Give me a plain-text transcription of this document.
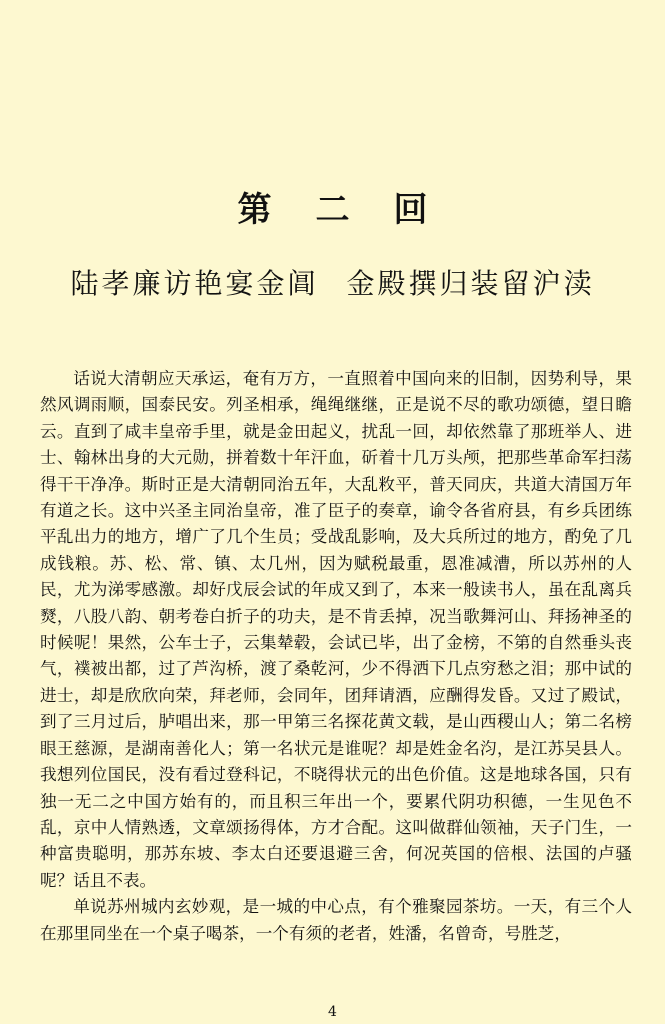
第二回
陆孝廉访艳宴金阊 金殿撰归装留沪渎

话说大清朝应天承运，奄有万方，一直照着中国向来的旧制，因势利导，果然风调雨顺，国泰民安。列圣相承，绳绳继继，正是说不尽的歌功颂德，望日瞻云。直到了咸丰皇帝手里，就是金田起义，扰乱一回，却依然靠了那班举人、进士、翰林出身的大元勋，拼着数十年汗血，斫着十几万头颅，把那些革命军扫荡得干干净净。斯时正是大清朝同治五年，大乱敉平，普天同庆，共道大清国万年有道之长。这中兴圣主同治皇帝，准了臣子的奏章，谕令各省府县，有乡兵团练平乱出力的地方，增广了几个生员；受战乱影响，及大兵所过的地方，酌免了几成钱粮。苏、松、常、镇、太几州，因为赋税最重，恩准减漕，所以苏州的人民，尤为涕零感激。却好戊辰会试的年成又到了，本来一般读书人，虽在乱离兵燹，八股八韵、朝考卷白折子的功夫，是不肯丢掉，况当歌舞河山、拜扬神圣的时候呢！果然，公车士子，云集辇毂，会试已毕，出了金榜，不第的自然垂头丧气，襆被出都，过了芦沟桥，渡了桑乾河，少不得洒下几点穷愁之泪；那中试的进士，却是欣欣向荣，拜老师，会同年，团拜请酒，应酬得发昏。又过了殿试，到了三月过后，胪唱出来，那一甲第三名探花黄文载，是山西稷山人；第二名榜眼王慈源，是湖南善化人；第一名状元是谁呢？却是姓金名汮，是江苏吴县人。我想列位国民，没有看过登科记，不晓得状元的出色价值。这是地球各国，只有独一无二之中国方始有的，而且积三年出一个，要累代阴功积德，一生见色不乱，京中人情熟透，文章颂扬得体，方才合配。这叫做群仙领袖，天子门生，一种富贵聪明，那苏东坡、李太白还要退避三舍，何况英国的倍根、法国的卢骚呢？话且不表。

单说苏州城内玄妙观，是一城的中心点，有个雅聚园茶坊。一天，有三个人在那里同坐在一个桌子喝茶，一个有须的老者，姓潘，名曾奇，号胜芝，

4
